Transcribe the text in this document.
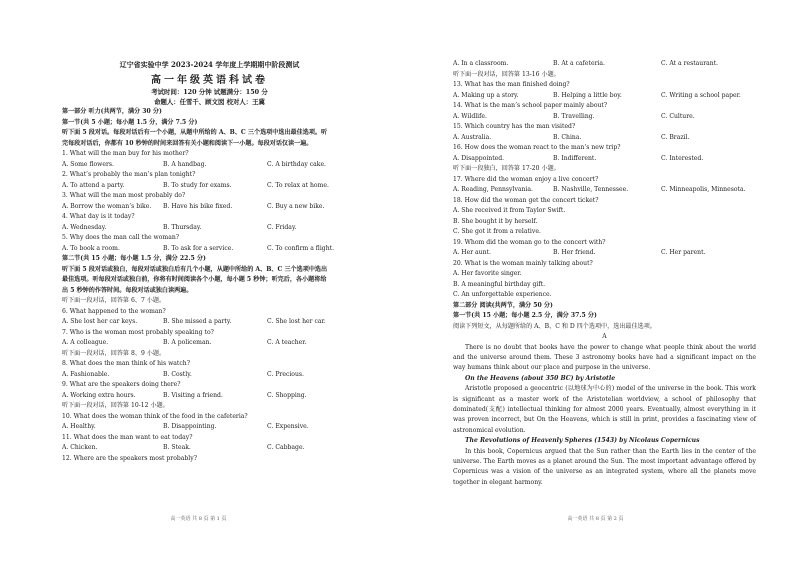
辽宁省实验中学 2023-2024 学年度上学期期中阶段测试
高一年级英语科试卷
考试时间：120 分钟 试题满分：150 分
命题人：任雪千、顾文囡 校对人：王冀
第一部分 听力(共两节，满分 30 分)
第一节(共 5 小题；每小题 1.5 分，满分 7.5 分)
听下面 5 段对话。每段对话后有一个小题，从题中所给的 A、B、C 三个选项中选出最佳选项。听
完每段对话后，你都有 10 秒钟的时间来回答有关小题和阅读下一小题。每段对话仅读一遍。
1. What will the man buy for his mother?
A. Some flowers.	B. A handbag.	C. A birthday cake.
2. What’s probably the man’s plan tonight?
A. To attend a party.	B. To study for exams.	C. To relax at home.
3. What will the man most probably do?
A. Borrow the woman’s bike.	B. Have his bike fixed.	C. Buy a new bike.
4. What day is it today?
A. Wednesday.	B. Thursday.	C. Friday.
5. Why does the man call the woman?
A. To book a room.	B. To ask for a service.	C. To confirm a flight.
第二节(共 15 小题；每小题 1.5 分，满分 22.5 分)
听下面 5 段对话或独白，每段对话或独白后有几个小题，从题中所给的 A、B、C 三个选项中选出
最佳选项。听每段对话或独白前，你将有时间阅读各个小题，每小题 5 秒钟；听完后，各小题将给
出 5 秒钟的作答时间。每段对话或独白读两遍。
听下面一段对话，回答第 6、7 小题。
6. What happened to the woman?
A. She lost her car keys.	B. She missed a party.	C. She lost her car.
7. Who is the woman most probably speaking to?
A. A colleague.	B. A policeman.	C. A teacher.
听下面一段对话，回答第 8、9 小题。
8. What does the man think of his watch?
A. Fashionable.	B. Costly.	C. Precious.
9. What are the speakers doing there?
A. Working extra hours.	B. Visiting a friend.	C. Shopping.
听下面一段对话，回答第 10-12 小题。
10. What does the woman think of the food in the cafeteria?
A. Healthy.	B. Disappointing.	C. Expensive.
11. What does the man want to eat today?
A. Chicken.	B. Steak.	C. Cabbage.
12. Where are the speakers most probably?
高一英语 共 8 页 第 1 页
A. In a classroom.	B. At a cafeteria.	C. At a restaurant.
听下面一段对话，回答第 13-16 小题。
13. What has the man finished doing?
A. Making up a story.	B. Helping a little boy.	C. Writing a school paper.
14. What is the man’s school paper mainly about?
A. Wildlife.	B. Travelling.	C. Culture.
15. Which country has the man visited?
A. Australia.	B. China.	C. Brazil.
16. How does the woman react to the man’s new trip?
A. Disappointed.	B. Indifferent.	C. Interested.
听下面一段独白，回答第 17-20 小题。
17. Where did the woman enjoy a live concert?
A. Reading, Pennsylvania.	B. Nashville, Tennessee.	C. Minneapolis, Minnesota.
18. How did the woman get the concert ticket?
A. She received it from Taylor Swift.
B. She bought it by herself.
C. She got it from a relative.
19. Whom did the woman go to the concert with?
A. Her aunt.	B. Her friend.	C. Her parent.
20. What is the woman mainly talking about?
A. Her favorite singer.
B. A meaningful birthday gift.
C. An unforgettable experience.
第二部分 阅读(共两节，满分 50 分)
第一节(共 15 小题；每小题 2.5 分，满分 37.5 分)
阅读下列短文，从每题所给的 A、B、C 和 D 四个选项中，选出最佳选项。
A
There is no doubt that books have the power to change what people think about the world and the universe around them. These 3 astronomy books have had a significant impact on the way humans think about our place and purpose in the universe.
On the Heavens (about 350 BC) by Aristotle
Aristotle proposed a geocentric (以地球为中心的) model of the universe in the book. This work is significant as a master work of the Aristotelian worldview, a school of philosophy that dominated(支配) intellectual thinking for almost 2000 years. Eventually, almost everything in it was proven incorrect, but On the Heavens, which is still in print, provides a fascinating view of astronomical evolution.
The Revolutions of Heavenly Spheres (1543) by Nicolaus Copernicus
In this book, Copernicus argued that the Sun rather than the Earth lies in the center of the universe. The Earth moves as a planet around the Sun. The most important advantage offered by Copernicus was a vision of the universe as an integrated system, where all the planets move together in elegant harmony.
高一英语 共 8 页 第 2 页
